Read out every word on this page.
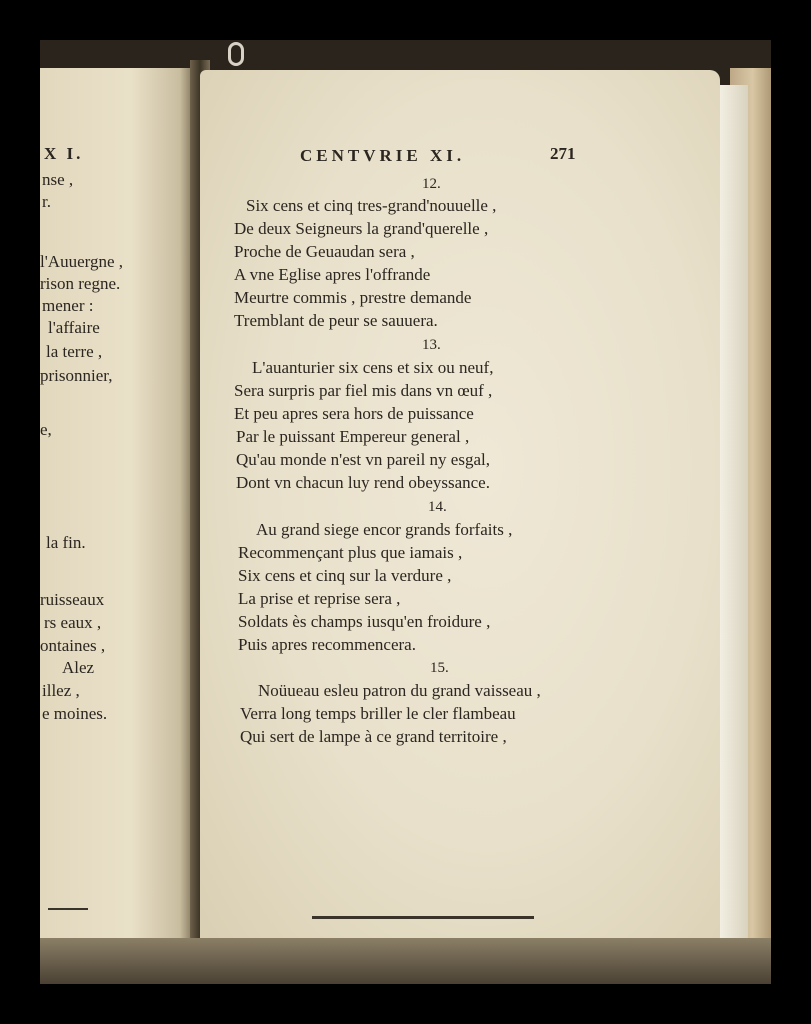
X I.
nse ,
r.
l'Auuergne ,
rison regne.
mener :
l'affaire
la terre ,
prisonnier,
e,
la fin.
ruisseaux
rs eaux ,
ontaines ,
Alez
illez ,
e moines.
CENTVRIE XI.	271
12.
Six cens et cinq tres-grand'nouuelle ,
De deux Seigneurs la grand'querelle ,
Proche de Geuaudan sera ,
A vne Eglise apres l'offrande
Meurtre commis , prestre demande
Tremblant de peur se sauuera.
13.
L'auanturier six cens et six ou neuf,
Sera surpris par fiel mis dans vn œuf ,
Et peu apres sera hors de puissance
Par le puissant Empereur general ,
Qu'au monde n'est vn pareil ny esgal,
Dont vn chacun luy rend obeyssance.
14.
Au grand siege encor grands forfaits ,
Recommençant plus que iamais ,
Six cens et cinq sur la verdure ,
La prise et reprise sera ,
Soldats ès champs iusqu'en froidure ,
Puis apres recommencera.
15.
Noüueau esleu patron du grand vaisseau ,
Verra long temps briller le cler flambeau
Qui sert de lampe à ce grand territoire ,
